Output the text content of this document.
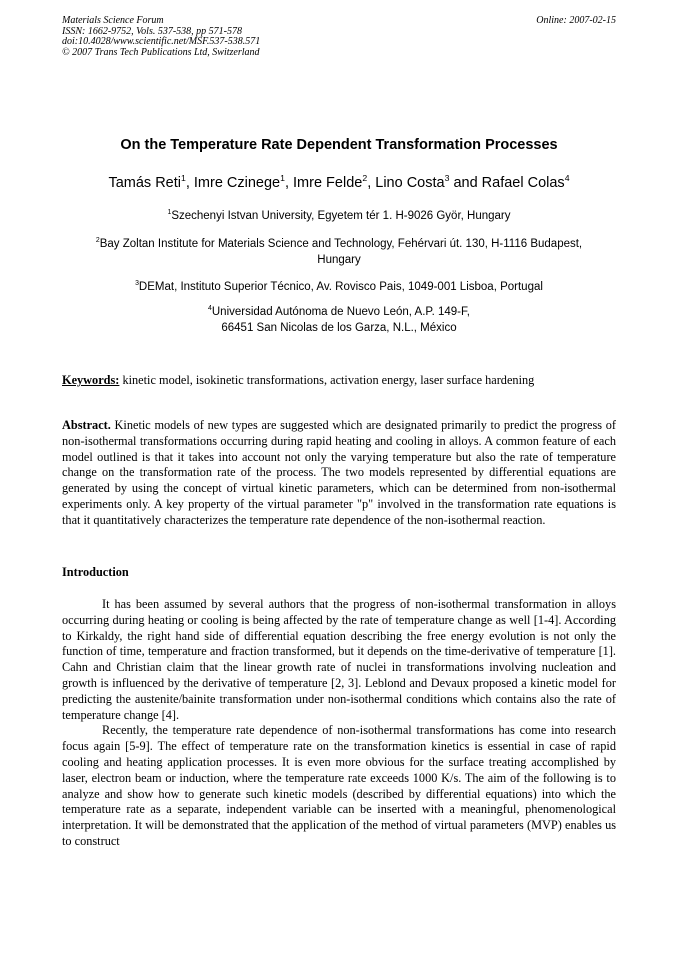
Materials Science Forum
ISSN: 1662-9752, Vols. 537-538, pp 571-578
doi:10.4028/www.scientific.net/MSF.537-538.571
© 2007 Trans Tech Publications Ltd, Switzerland
Online: 2007-02-15
On the Temperature Rate Dependent Transformation Processes
Tamás Reti$^1$, Imre Czinege$^1$, Imre Felde$^2$, Lino Costa$^3$ and Rafael Colas$^4$
$^1$Szechenyi Istvan University, Egyetem tér 1. H-9026 Györ, Hungary
$^2$Bay Zoltan Institute for Materials Science and Technology, Fehérvari út. 130, H-1116 Budapest,
Hungary
$^3$DEMat, Instituto Superior Técnico, Av. Rovisco Pais, 1049-001 Lisboa, Portugal
$^4$Universidad Autónoma de Nuevo León, A.P. 149-F,
66451 San Nicolas de los Garza, N.L., México
Keywords: kinetic model, isokinetic transformations, activation energy, laser surface hardening
Abstract. Kinetic models of new types are suggested which are designated primarily to predict the progress of non-isothermal transformations occurring during rapid heating and cooling in alloys. A common feature of each model outlined is that it takes into account not only the varying temperature but also the rate of temperature change on the transformation rate of the process. The two models represented by differential equations are generated by using the concept of virtual kinetic parameters, which can be determined from non-isothermal experiments only. A key property of the virtual parameter "p" involved in the transformation rate equations is that it quantitatively characterizes the temperature rate dependence of the non-isothermal reaction.
Introduction

It has been assumed by several authors that the progress of non-isothermal transformation in alloys occurring during heating or cooling is being affected by the rate of temperature change as well [1-4]. According to Kirkaldy, the right hand side of differential equation describing the free energy evolution is not only the function of time, temperature and fraction transformed, but it depends on the time-derivative of temperature [1]. Cahn and Christian claim that the linear growth rate of nuclei in transformations involving nucleation and growth is influenced by the derivative of temperature [2, 3]. Leblond and Devaux proposed a kinetic model for predicting the austenite/bainite transformation under non-isothermal conditions which contains also the rate of temperature change [4].

Recently, the temperature rate dependence of non-isothermal transformations has come into research focus again [5-9]. The effect of temperature rate on the transformation kinetics is essential in case of rapid cooling and heating application processes. It is even more obvious for the surface treating accomplished by laser, electron beam or induction, where the temperature rate exceeds 1000 K/s. The aim of the following is to analyze and show how to generate such kinetic models (described by differential equations) into which the temperature rate as a separate, independent variable can be inserted with a meaningful, phenomenological interpretation. It will be demonstrated that the application of the method of virtual parameters (MVP) enables us to construct
